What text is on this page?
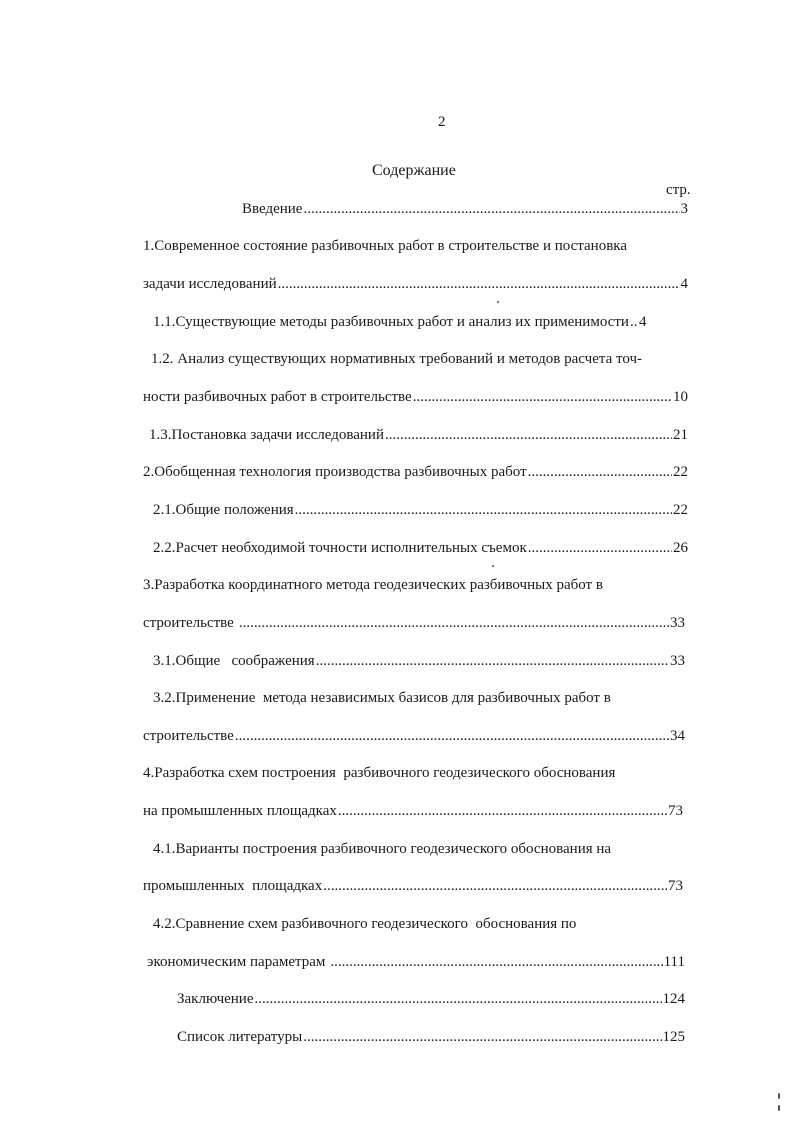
2
Содержание
стр.
Введение .....	3
1.Современное состояние разбивочных работ в строительстве и постановка
задачи исследований .....	4
1.1.Существующие методы разбивочных работ и анализ их применимости ..... 4
1.2. Анализ существующих нормативных требований и методов расчета точ-
ности разбивочных работ в строительстве .....	10
1.3.Постановка задачи исследований .....	21
2.Обобщенная технология производства разбивочных работ .....	22
2.1.Общие положения .....	22
2.2.Расчет необходимой точности исполнительных съемок .....	26
3.Разработка координатного метода геодезических разбивочных работ в
строительстве .....	33
3.1.Общие   соображения .....	33
3.2.Применение  метода независимых базисов для разбивочных работ в
строительстве .....	34
4.Разработка схем построения  разбивочного геодезического обоснования
на промышленных площадках .....	73
4.1.Варианты построения разбивочного геодезического обоснования на
промышленных  площадках .....	73
4.2.Сравнение схем разбивочного геодезического  обоснования по
экономическим параметрам .....	111
Заключение .....	124
Список литературы .....	125
